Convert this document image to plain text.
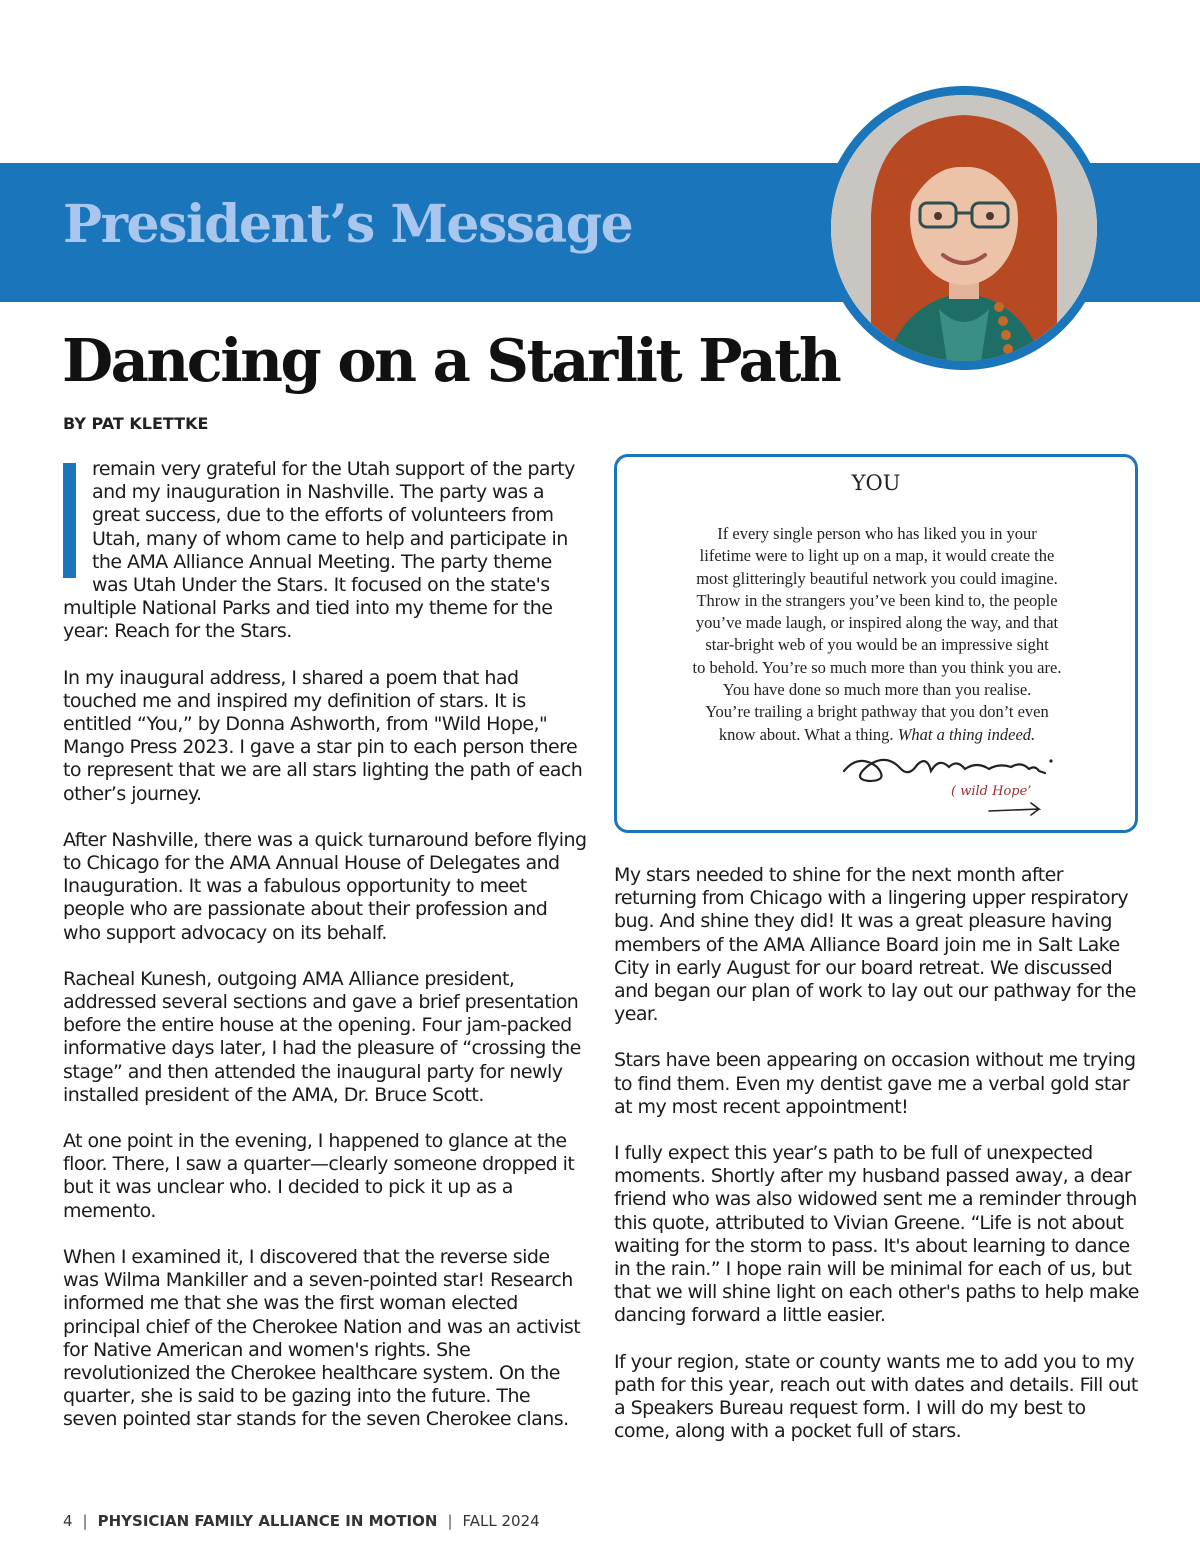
President’s Message
Dancing on a Starlit Path
BY PAT KLETTKE

remain very grateful for the Utah support of the party and my inauguration in Nashville. The party was a great success, due to the efforts of volunteers from Utah, many of whom came to help and participate in the AMA Alliance Annual Meeting. The party theme was Utah Under the Stars. It focused on the state's multiple National Parks and tied into my theme for the year: Reach for the Stars.

In my inaugural address, I shared a poem that had touched me and inspired my definition of stars. It is entitled “You,” by Donna Ashworth, from "Wild Hope," Mango Press 2023. I gave a star pin to each person there to represent that we are all stars lighting the path of each other’s journey.

After Nashville, there was a quick turnaround before flying to Chicago for the AMA Annual House of Delegates and Inauguration. It was a fabulous opportunity to meet people who are passionate about their profession and who support advocacy on its behalf.

Racheal Kunesh, outgoing AMA Alliance president, addressed several sections and gave a brief presentation before the entire house at the opening. Four jam-packed informative days later, I had the pleasure of “crossing the stage” and then attended the inaugural party for newly installed president of the AMA, Dr. Bruce Scott.

At one point in the evening, I happened to glance at the floor. There, I saw a quarter—clearly someone dropped it but it was unclear who. I decided to pick it up as a memento.

When I examined it, I discovered that the reverse side was Wilma Mankiller and a seven-pointed star! Research informed me that she was the first woman elected principal chief of the Cherokee Nation and was an activist for Native American and women's rights. She revolutionized the Cherokee healthcare system. On the quarter, she is said to be gazing into the future. The seven pointed star stands for the seven Cherokee clans.

YOU
If every single person who has liked you in your
lifetime were to light up on a map, it would create the
most glitteringly beautiful network you could imagine.
Throw in the strangers you’ve been kind to, the people
you’ve made laugh, or inspired along the way, and that
star-bright web of you would be an impressive sight
to behold. You’re so much more than you think you are.
You have done so much more than you realise.
You’re trailing a bright pathway that you don’t even
know about. What a thing. What a thing indeed.
( wild Hope’

My stars needed to shine for the next month after returning from Chicago with a lingering upper respiratory bug. And shine they did! It was a great pleasure having members of the AMA Alliance Board join me in Salt Lake City in early August for our board retreat. We discussed and began our plan of work to lay out our pathway for the year.

Stars have been appearing on occasion without me trying to find them. Even my dentist gave me a verbal gold star at my most recent appointment!

I fully expect this year’s path to be full of unexpected moments. Shortly after my husband passed away, a dear friend who was also widowed sent me a reminder through this quote, attributed to Vivian Greene. “Life is not about waiting for the storm to pass. It's about learning to dance in the rain.” I hope rain will be minimal for each of us, but that we will shine light on each other's paths to help make dancing forward a little easier.

If your region, state or county wants me to add you to my path for this year, reach out with dates and details. Fill out a Speakers Bureau request form. I will do my best to come, along with a pocket full of stars.

4 | PHYSICIAN FAMILY ALLIANCE IN MOTION | FALL 2024
